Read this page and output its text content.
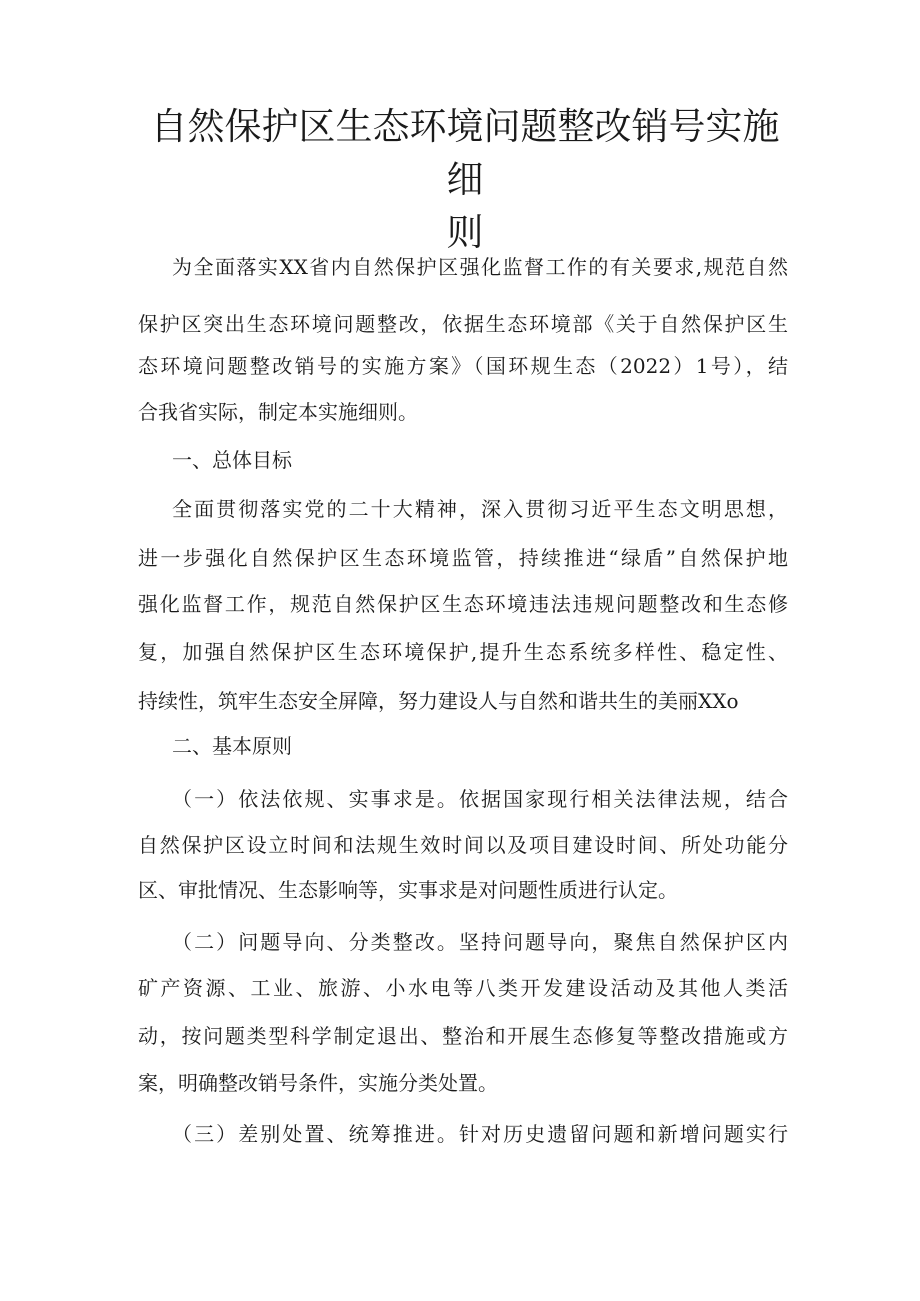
自然保护区生态环境问题整改销号实施细
则

为全面落实XX省内自然保护区强化监督工作的有关要求,规范自然

保护区突出生态环境问题整改，依据生态环境部《关于自然保护区生

态环境问题整改销号的实施方案》（国环规生态（2022）1号），结

合我省实际，制定本实施细则。

一、总体目标

全面贯彻落实党的二十大精神，深入贯彻习近平生态文明思想，

进一步强化自然保护区生态环境监管，持续推进“绿盾”自然保护地

强化监督工作，规范自然保护区生态环境违法违规问题整改和生态修

复，加强自然保护区生态环境保护,提升生态系统多样性、稳定性、

持续性，筑牢生态安全屏障，努力建设人与自然和谐共生的美丽XXo

二、基本原则

（一）依法依规、实事求是。依据国家现行相关法律法规，结合

自然保护区设立时间和法规生效时间以及项目建设时间、所处功能分

区、审批情况、生态影响等，实事求是对问题性质进行认定。

（二）问题导向、分类整改。坚持问题导向，聚焦自然保护区内

矿产资源、工业、旅游、小水电等八类开发建设活动及其他人类活

动，按问题类型科学制定退出、整治和开展生态修复等整改措施或方

案，明确整改销号条件，实施分类处置。

（三）差别处置、统筹推进。针对历史遗留问题和新增问题实行
